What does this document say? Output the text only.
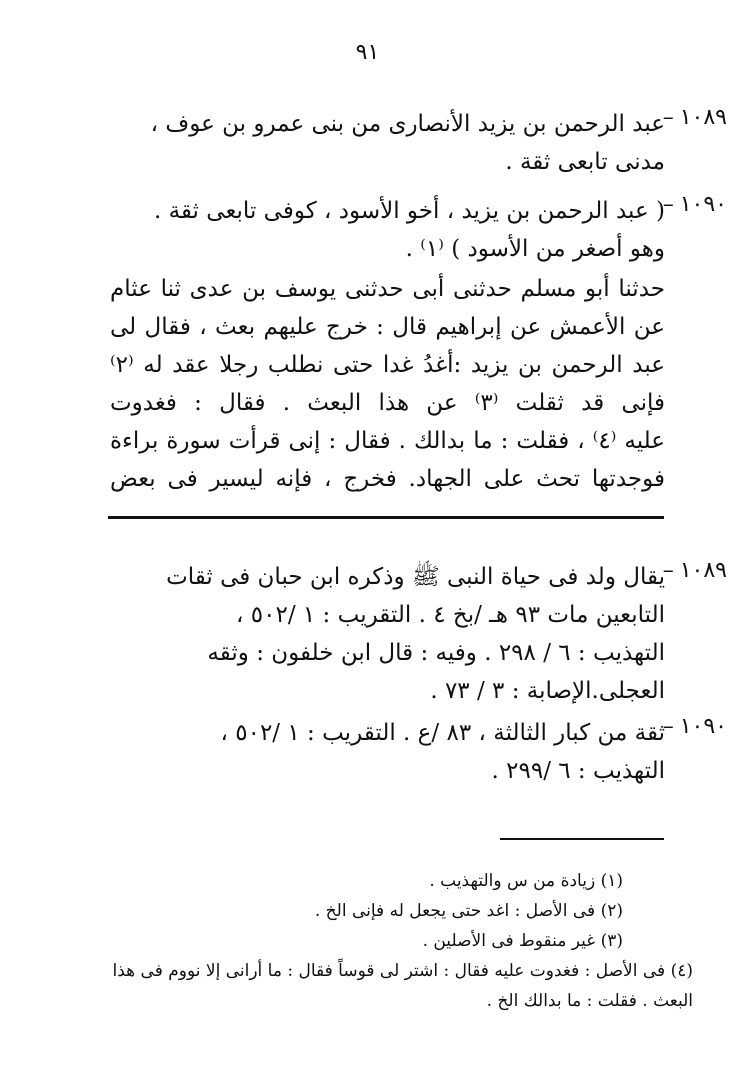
٩١
١٠٨٩–
عبد الرحمن بن يزيد الأنصارى من بنى عمرو بن عوف ،
مدنى تابعى ثقة .
١٠٩٠–
( عبد الرحمن بن يزيد ، أخو الأسود ، كوفى تابعى ثقة .
وهو أصغر من الأسود ) ⁽١⁾ .
حدثنا أبو مسلم حدثنى أبى حدثنى يوسف بن عدى ثنا عثام
عن الأعمش عن إبراهيم قال : خرج عليهم بعث ، فقال لى
عبد الرحمن بن يزيد :أغدُ غدا حتى نطلب رجلا عقد له ⁽٢⁾
فإنى قد ثقلت ⁽٣⁾ عن هذا البعث . فقال : فغدوت
عليه ⁽٤⁾ ، فقلت : ما بدالك . فقال : إنى قرأت سورة براءة
فوجدتها تحث على الجهاد. فخرج ، فإنه ليسير فى بعض
١٠٨٩–
يقال ولد فى حياة النبى ﷺ وذكره ابن حبان فى ثقات
التابعين مات ٩٣ هـ /بخ ٤ . التقريب : ١ /٥٠٢ ،
التهذيب : ٦ / ٢٩٨ . وفيه : قال ابن خلفون : وثقه
العجلى.الإصابة : ٣ / ٧٣ .
١٠٩٠–
ثقة من كبار الثالثة ، ٨٣ /ع . التقريب : ١ /٥٠٢ ،
التهذيب : ٦ /٢٩٩ .
(١) زيادة من س والتهذيب .
(٢) فى الأصل : اغد حتى يجعل له فإنى الخ .
(٣) غير منقوط فى الأصلين .
(٤) فى الأصل : فغدوت عليه فقال : اشتر لى قوساً فقال : ما أرانى إلا نووم فى هذا
البعث . فقلت : ما بدالك الخ .
